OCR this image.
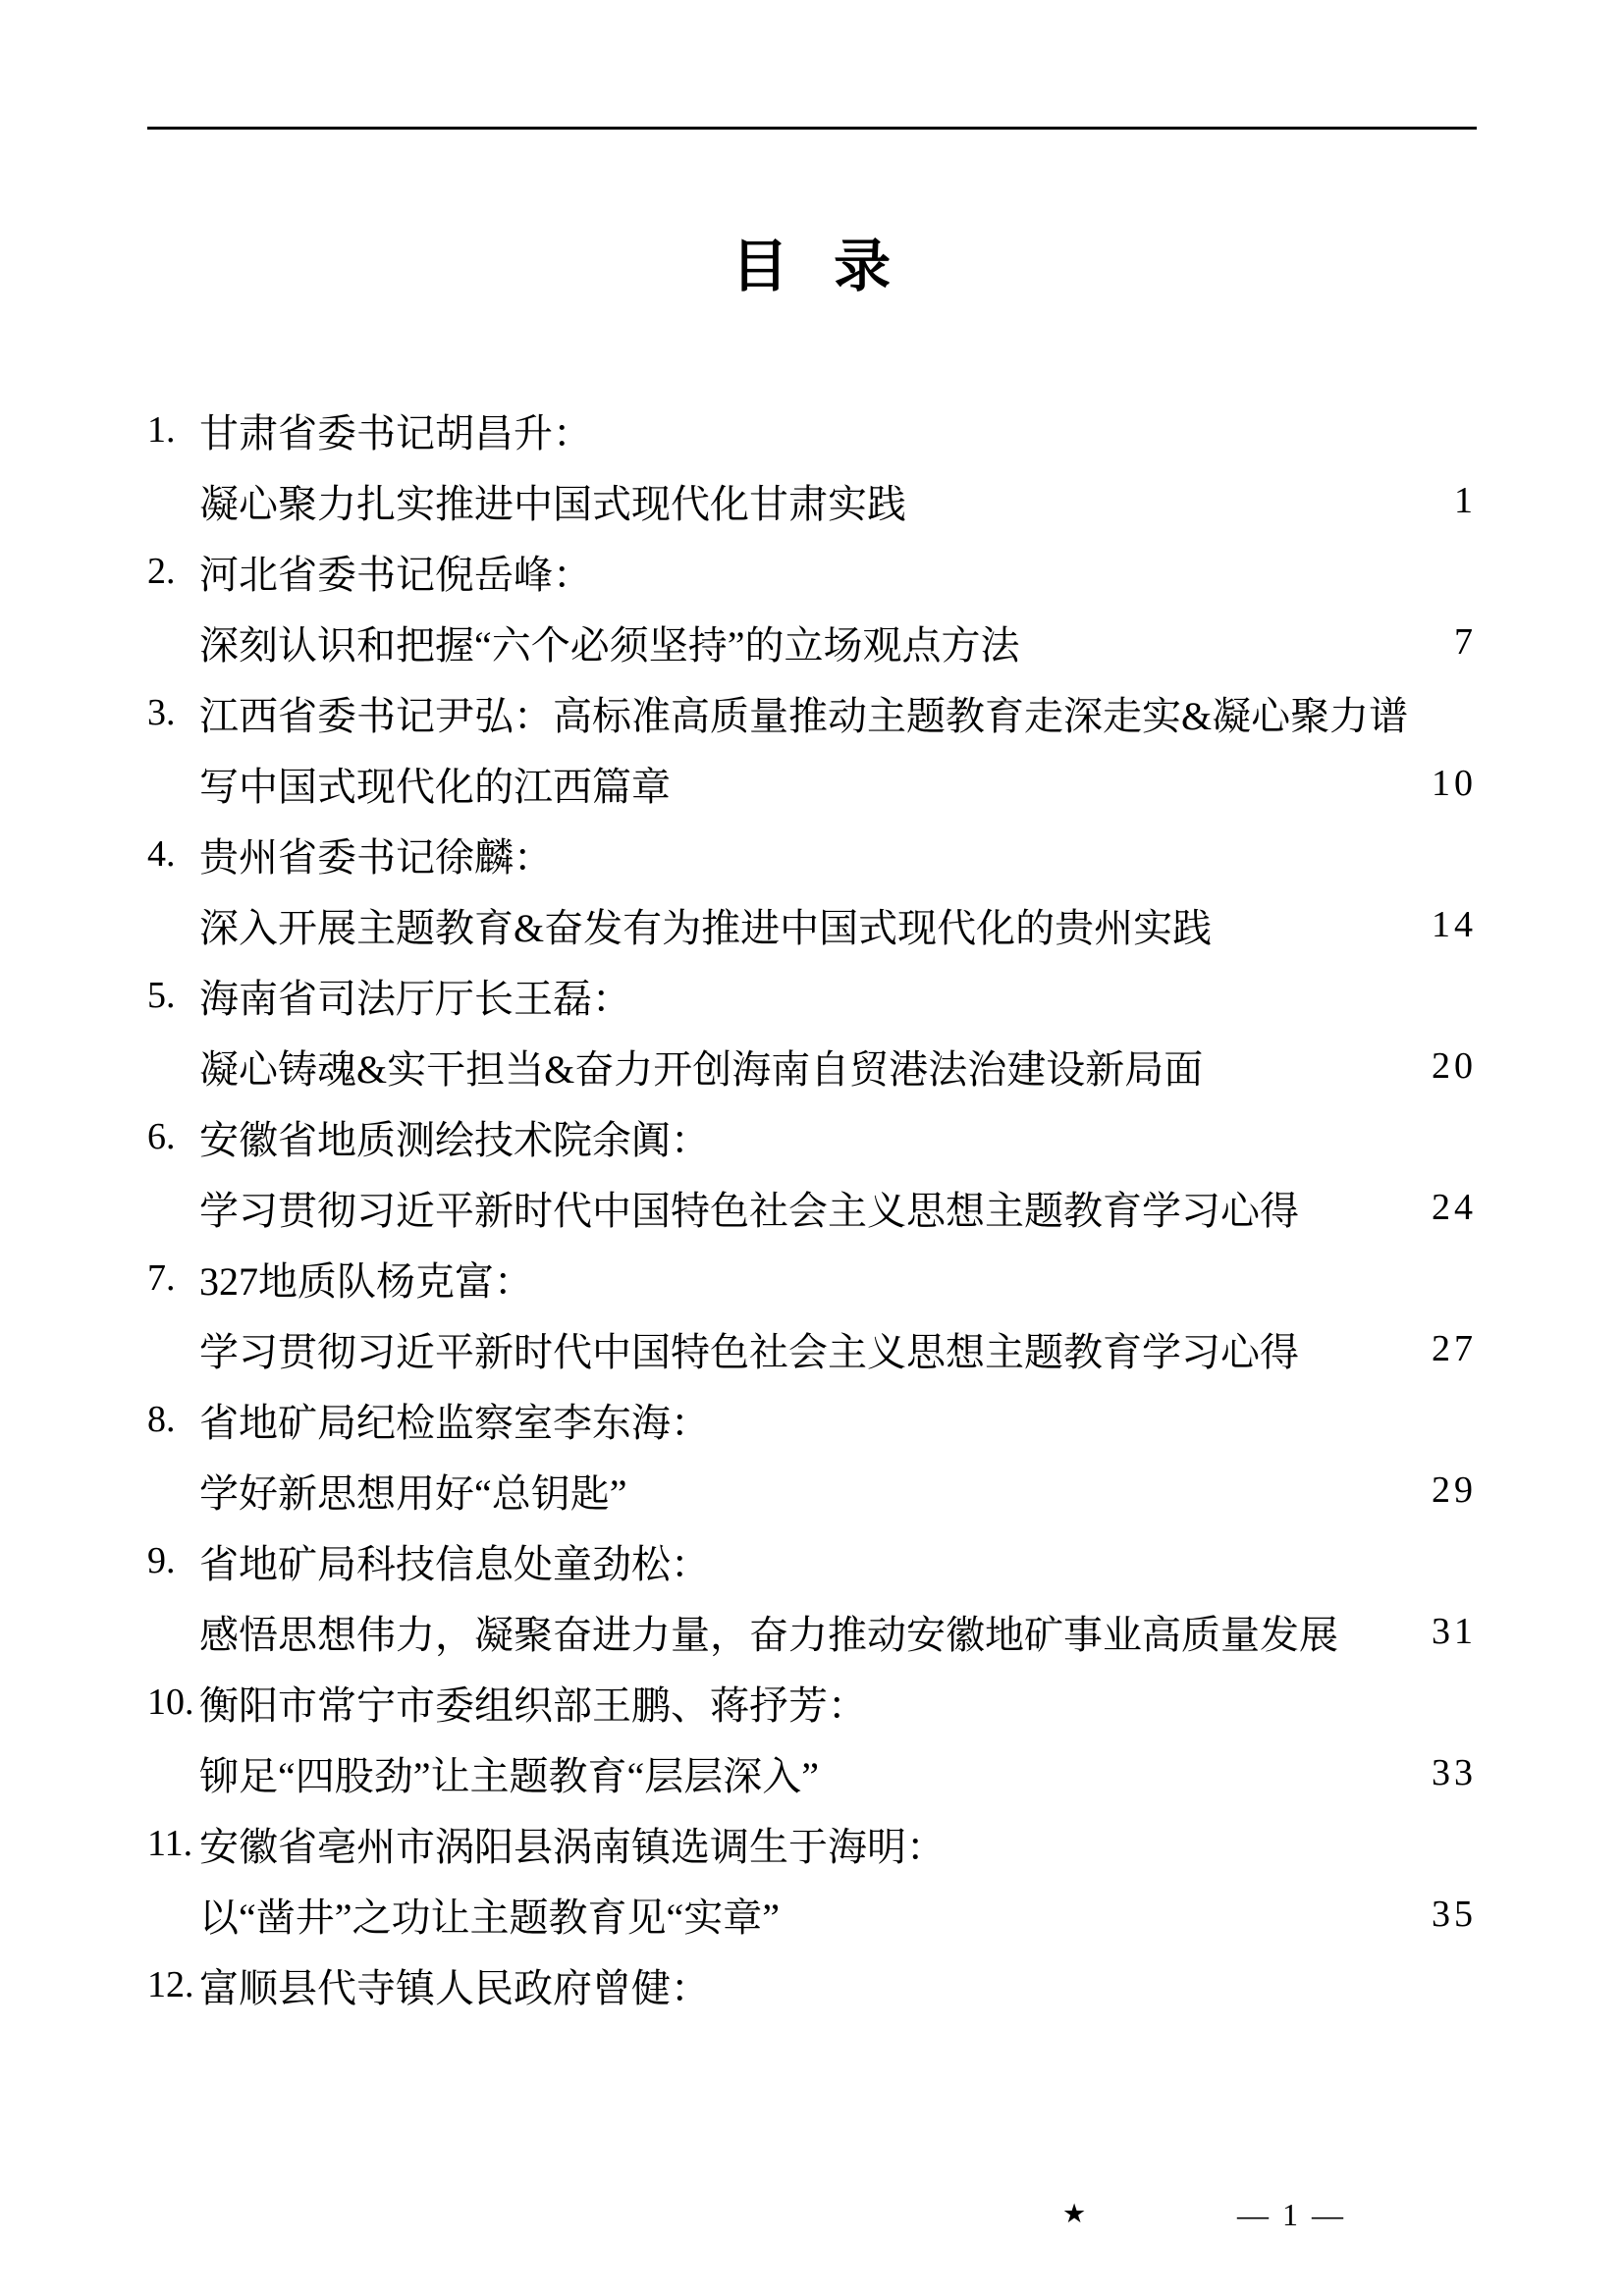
目 录
1. 甘肃省委书记胡昌升：
凝心聚力扎实推进中国式现代化甘肃实践	1
2. 河北省委书记倪岳峰：
深刻认识和把握“六个必须坚持”的立场观点方法	7
3. 江西省委书记尹弘：高标准高质量推动主题教育走深走实&凝心聚力谱
写中国式现代化的江西篇章	10
4. 贵州省委书记徐麟：
深入开展主题教育&奋发有为推进中国式现代化的贵州实践	14
5. 海南省司法厅厅长王磊：
凝心铸魂&实干担当&奋力开创海南自贸港法治建设新局面	20
6. 安徽省地质测绘技术院余阗：
学习贯彻习近平新时代中国特色社会主义思想主题教育学习心得	24
7. 327地质队杨克富：
学习贯彻习近平新时代中国特色社会主义思想主题教育学习心得	27
8. 省地矿局纪检监察室李东海：
学好新思想用好“总钥匙”	29
9. 省地矿局科技信息处童劲松：
感悟思想伟力，凝聚奋进力量，奋力推动安徽地矿事业高质量发展	31
10. 衡阳市常宁市委组织部王鹏、蒋抒芳：
铆足“四股劲”让主题教育“层层深入”	33
11. 安徽省亳州市涡阳县涡南镇选调生于海明：
以“凿井”之功让主题教育见“实章”	35
12. 富顺县代寺镇人民政府曾健：
★	— 1 —
